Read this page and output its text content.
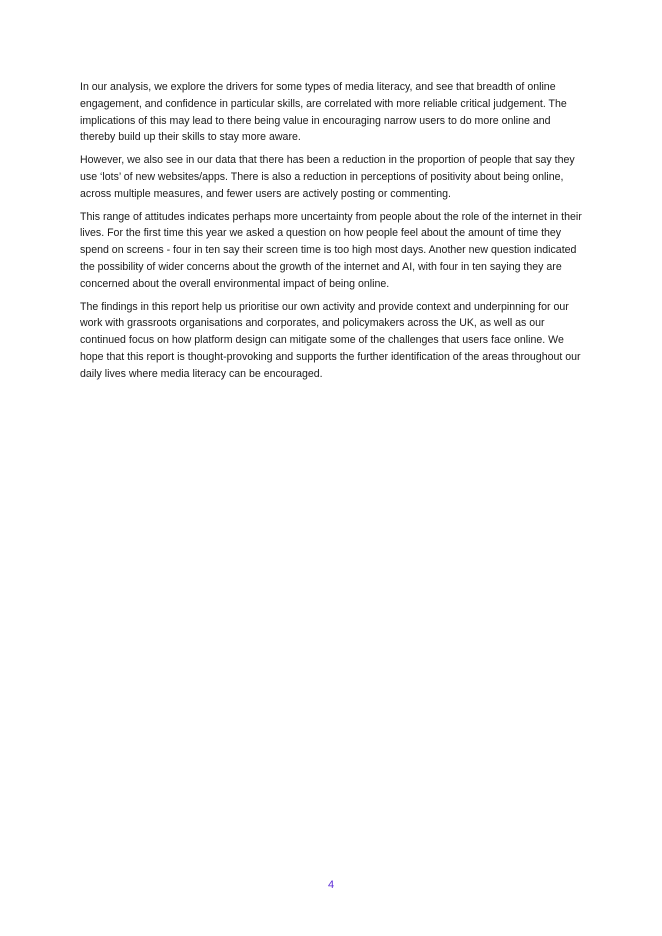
In our analysis, we explore the drivers for some types of media literacy, and see that breadth of online engagement, and confidence in particular skills, are correlated with more reliable critical judgement. The implications of this may lead to there being value in encouraging narrow users to do more online and thereby build up their skills to stay more aware.

However, we also see in our data that there has been a reduction in the proportion of people that say they use ‘lots’ of new websites/apps. There is also a reduction in perceptions of positivity about being online, across multiple measures, and fewer users are actively posting or commenting.

This range of attitudes indicates perhaps more uncertainty from people about the role of the internet in their lives. For the first time this year we asked a question on how people feel about the amount of time they spend on screens - four in ten say their screen time is too high most days. Another new question indicated the possibility of wider concerns about the growth of the internet and AI, with four in ten saying they are concerned about the overall environmental impact of being online.

The findings in this report help us prioritise our own activity and provide context and underpinning for our work with grassroots organisations and corporates, and policymakers across the UK, as well as our continued focus on how platform design can mitigate some of the challenges that users face online. We hope that this report is thought-provoking and supports the further identification of the areas throughout our daily lives where media literacy can be encouraged.

4
